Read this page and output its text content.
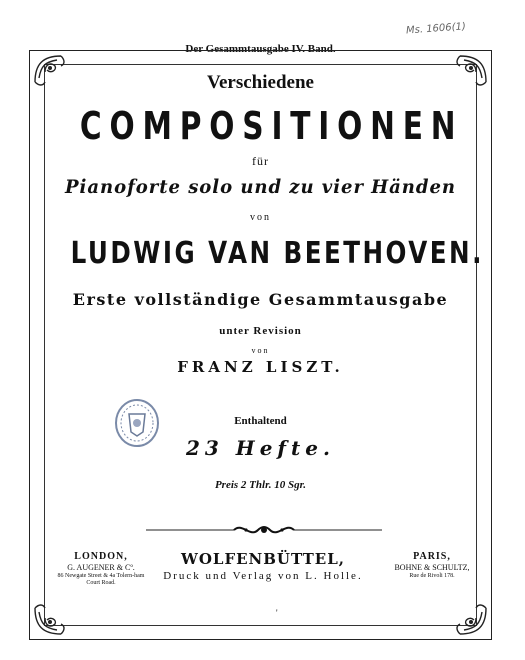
Ms. 1606(1)
Der Gesammtausgabe IV. Band.
Verschiedene
COMPOSITIONEN
für
Pianoforte solo und zu vier Händen
von
LUDWIG VAN BEETHOVEN.
Erste vollständige Gesammtausgabe
unter Revision
von
FRANZ LISZT.
Enthaltend
23 Hefte.
Preis 2 Thlr. 10 Sgr.
LONDON,
G. AUGENER & Cº.
86 Newgate Street & 4a Tolern-ham Court Road.
WOLFENBÜTTEL,
Druck und Verlag von L. Holle.
PARIS,
BOHNE & SCHULTZ,
Rue de Rivoli 178.
'
